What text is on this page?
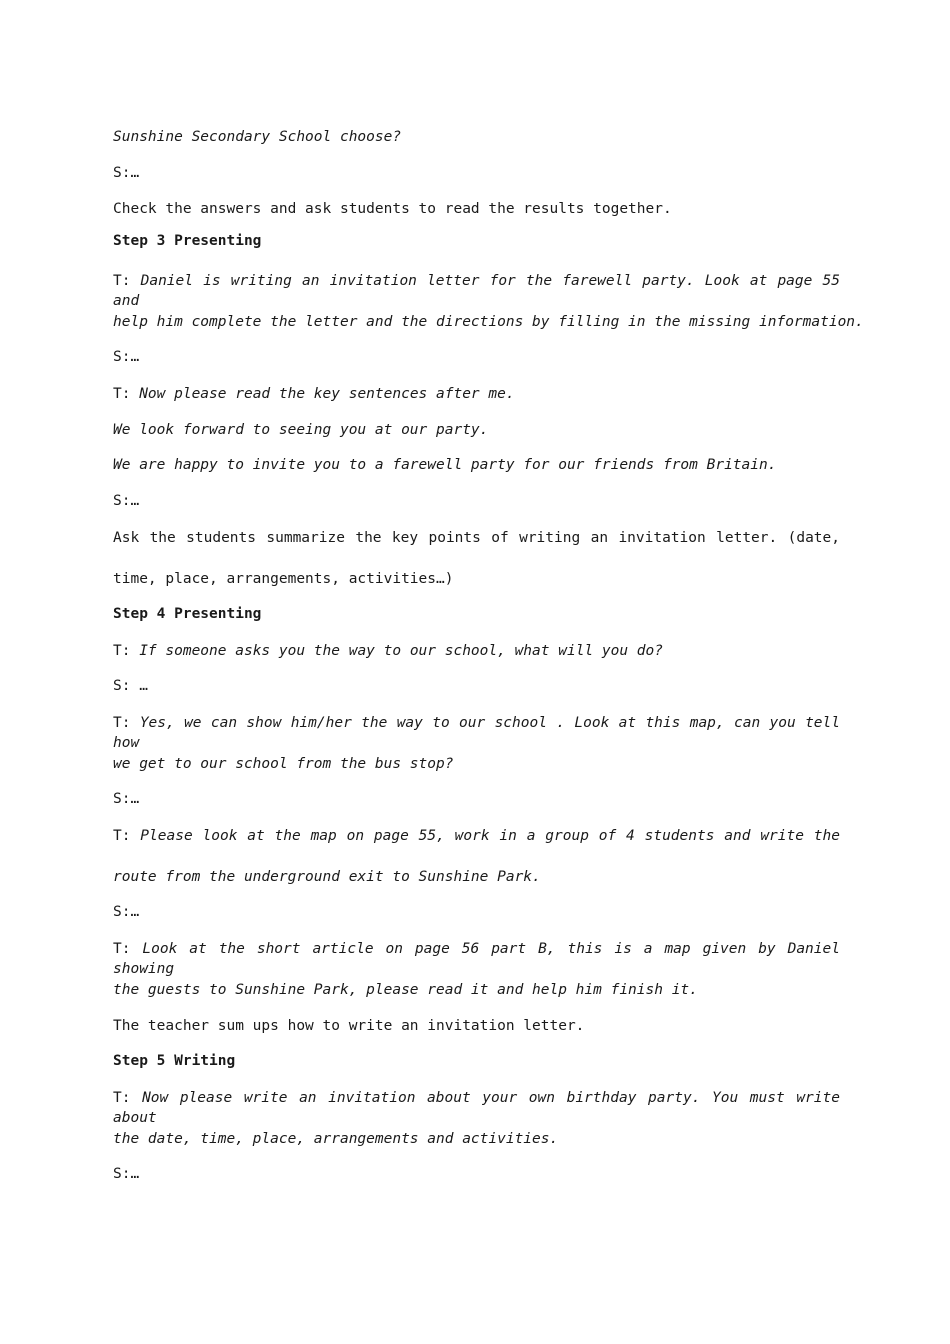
Sunshine Secondary School choose?
S:…
Check the answers and ask students to read the results together.
Step 3 Presenting
T: Daniel is writing an invitation letter for the farewell party. Look at page 55 and
help him complete the letter and the directions by filling in the missing information.
S:…
T: Now please read the key sentences after me.
We look forward to seeing you at our party.
We are happy to invite you to a farewell party for our friends from Britain.
S:…
Ask the students summarize the key points of writing an invitation letter. (date,
time, place, arrangements, activities…)
Step 4 Presenting
T: If someone asks you the way to our school, what will you do?
S: …
T: Yes, we can show him/her the way to our school . Look at this map, can you tell how
we get to our school from the bus stop?
S:…
T: Please look at the map on page 55, work in a group of 4 students and write the
route from the underground exit to Sunshine Park.
S:…
T: Look at the short article on page 56 part B, this is a map given by Daniel showing
the guests to Sunshine Park, please read it and help him finish it.
The teacher sum ups how to write an invitation letter.
Step 5 Writing
T: Now please write an invitation about your own birthday party. You must write about
the date, time, place, arrangements and activities.
S:…
